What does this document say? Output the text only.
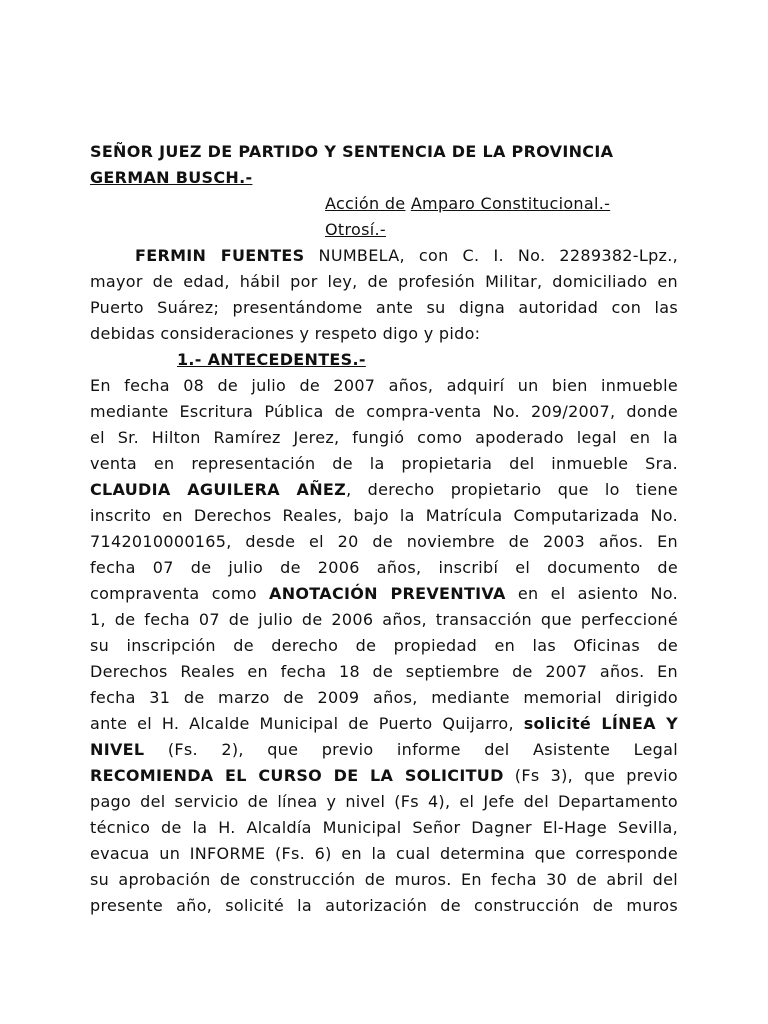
SEÑOR JUEZ DE PARTIDO Y SENTENCIA DE LA PROVINCIA
GERMAN BUSCH.-
Acción de Amparo Constitucional.-
Otrosí.-
FERMIN FUENTES NUMBELA, con C. I. No. 2289382-Lpz.,
mayor de edad, hábil por ley, de profesión Militar, domiciliado en
Puerto Suárez; presentándome ante su digna autoridad con las
debidas consideraciones y respeto digo y pido:
1.- ANTECEDENTES.-
En fecha 08 de julio de 2007 años, adquirí un bien inmueble
mediante Escritura Pública de compra-venta No. 209/2007, donde
el Sr. Hilton Ramírez Jerez, fungió como apoderado legal en la
venta en representación de la propietaria del inmueble Sra.
CLAUDIA AGUILERA AÑEZ, derecho propietario que lo tiene
inscrito en Derechos Reales, bajo la Matrícula Computarizada No.
7142010000165, desde el 20 de noviembre de 2003 años. En
fecha 07 de julio de 2006 años, inscribí el documento de
compraventa como ANOTACIÓN PREVENTIVA en el asiento No.
1, de fecha 07 de julio de 2006 años, transacción que perfeccioné
su inscripción de derecho de propiedad en las Oficinas de
Derechos Reales en fecha 18 de septiembre de 2007 años. En
fecha 31 de marzo de 2009 años, mediante memorial dirigido
ante el H. Alcalde Municipal de Puerto Quijarro, solicité LÍNEA Y
NIVEL (Fs. 2), que previo informe del Asistente Legal
RECOMIENDA EL CURSO DE LA SOLICITUD (Fs 3), que previo
pago del servicio de línea y nivel (Fs 4), el Jefe del Departamento
técnico de la H. Alcaldía Municipal Señor Dagner El-Hage Sevilla,
evacua un INFORME (Fs. 6) en la cual determina que corresponde
su aprobación de construcción de muros. En fecha 30 de abril del
presente año, solicité la autorización de construcción de muros
